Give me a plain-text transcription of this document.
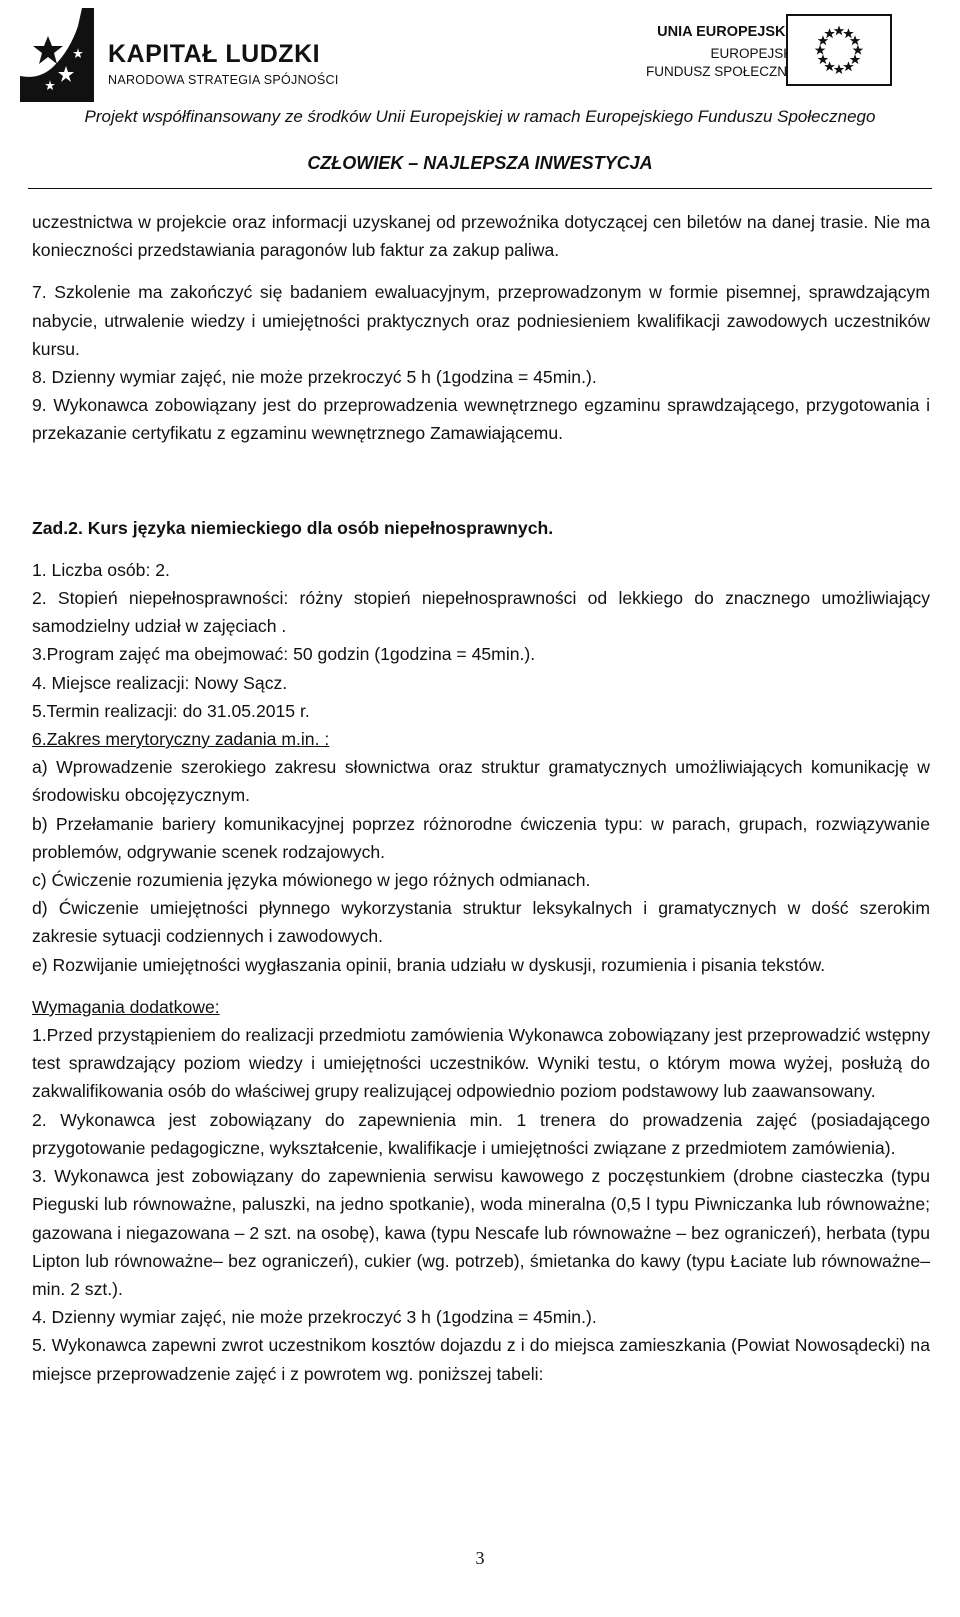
KAPITAŁ LUDZKI
NARODOWA STRATEGIA SPÓJNOŚCI
UNIA EUROPEJSKA
EUROPEJSKI
FUNDUSZ SPOŁECZNY
Projekt współfinansowany ze środków Unii Europejskiej w ramach Europejskiego Funduszu Społecznego
CZŁOWIEK – NAJLEPSZA INWESTYCJA

uczestnictwa w projekcie oraz informacji uzyskanej od przewoźnika dotyczącej cen biletów na danej trasie. Nie ma konieczności przedstawiania paragonów lub faktur za zakup paliwa.

7. Szkolenie ma zakończyć się badaniem ewaluacyjnym, przeprowadzonym w formie pisemnej, sprawdzającym nabycie, utrwalenie wiedzy i umiejętności praktycznych oraz podniesieniem kwalifikacji zawodowych uczestników kursu.

8. Dzienny wymiar zajęć, nie może przekroczyć 5 h (1godzina = 45min.).

9. Wykonawca zobowiązany jest do przeprowadzenia wewnętrznego egzaminu sprawdzającego, przygotowania i przekazanie certyfikatu z egzaminu wewnętrznego Zamawiającemu.

Zad.2. Kurs języka niemieckiego dla osób niepełnosprawnych.

1. Liczba osób: 2.

2. Stopień niepełnosprawności: różny stopień niepełnosprawności od lekkiego do znacznego umożliwiający samodzielny udział w zajęciach .

3.Program zajęć ma obejmować: 50 godzin (1godzina = 45min.).

4. Miejsce realizacji: Nowy Sącz.

5.Termin realizacji: do 31.05.2015 r.

6.Zakres merytoryczny zadania m.in. :

a) Wprowadzenie szerokiego zakresu słownictwa oraz struktur gramatycznych umożliwiających komunikację w środowisku obcojęzycznym.

b) Przełamanie bariery komunikacyjnej poprzez różnorodne ćwiczenia typu: w parach, grupach, rozwiązywanie problemów, odgrywanie scenek rodzajowych.

c) Ćwiczenie rozumienia języka mówionego w jego różnych odmianach.

d) Ćwiczenie umiejętności płynnego wykorzystania struktur leksykalnych i gramatycznych w dość szerokim zakresie sytuacji codziennych i zawodowych.

e) Rozwijanie umiejętności wygłaszania opinii, brania udziału w dyskusji, rozumienia i pisania tekstów.

Wymagania dodatkowe:

1.Przed przystąpieniem do realizacji przedmiotu zamówienia Wykonawca zobowiązany jest przeprowadzić wstępny test sprawdzający poziom wiedzy i umiejętności uczestników. Wyniki testu, o którym mowa wyżej, posłużą do zakwalifikowania osób do właściwej grupy realizującej odpowiednio poziom podstawowy lub zaawansowany.

2. Wykonawca jest zobowiązany do zapewnienia min. 1 trenera do prowadzenia zajęć (posiadającego przygotowanie pedagogiczne, wykształcenie, kwalifikacje i umiejętności związane z przedmiotem zamówienia).

3. Wykonawca jest zobowiązany do zapewnienia serwisu kawowego z poczęstunkiem (drobne ciasteczka (typu Pieguski lub równoważne, paluszki, na jedno spotkanie), woda mineralna (0,5 l typu Piwniczanka lub równoważne; gazowana i niegazowana – 2 szt. na osobę), kawa (typu Nescafe lub równoważne – bez ograniczeń), herbata (typu Lipton lub równoważne– bez ograniczeń), cukier (wg. potrzeb), śmietanka do kawy (typu Łaciate lub równoważne– min. 2 szt.).

4. Dzienny wymiar zajęć, nie może przekroczyć 3 h (1godzina = 45min.).

5. Wykonawca zapewni zwrot uczestnikom kosztów dojazdu z i do miejsca zamieszkania (Powiat Nowosądecki) na miejsce przeprowadzenie zajęć i z powrotem wg. poniższej tabeli:

3
